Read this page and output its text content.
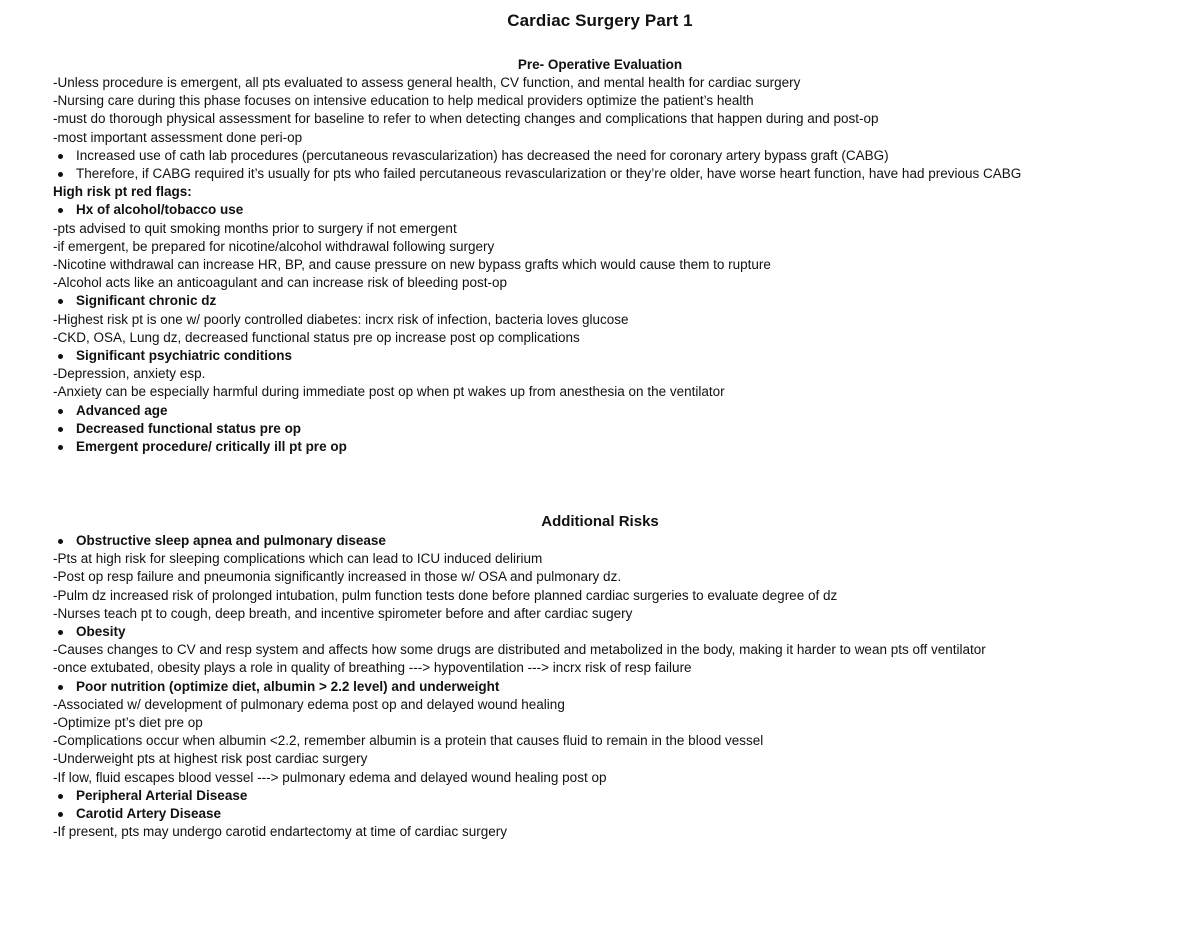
Cardiac Surgery Part 1
Pre- Operative Evaluation
-Unless procedure is emergent, all pts evaluated to assess general health, CV function, and mental health for cardiac surgery
-Nursing care during this phase focuses on intensive education to help medical providers optimize the patient’s health
-must do thorough physical assessment for baseline to refer to when detecting changes and complications that happen during and post-op
-most important assessment done peri-op
Increased use of cath lab procedures (percutaneous revascularization) has decreased the need for coronary artery bypass graft (CABG)
Therefore, if CABG required it’s usually for pts who failed percutaneous revascularization or they’re older, have worse heart function, have had previous CABG
High risk pt red flags:
Hx of alcohol/tobacco use
-pts advised to quit smoking months prior to surgery if not emergent
-if emergent, be prepared for nicotine/alcohol withdrawal following surgery
-Nicotine withdrawal can increase HR, BP, and cause pressure on new bypass grafts which would cause them to rupture
-Alcohol acts like an anticoagulant and can increase risk of bleeding post-op
Significant chronic dz
-Highest risk pt is one w/ poorly controlled diabetes: incrx risk of infection, bacteria loves glucose
-CKD, OSA, Lung dz, decreased functional status pre op increase post op complications
Significant psychiatric conditions
-Depression, anxiety esp.
-Anxiety can be especially harmful during immediate post op when pt wakes up from anesthesia on the ventilator
Advanced age
Decreased functional status pre op
Emergent procedure/ critically ill pt pre op
Additional Risks
Obstructive sleep apnea and pulmonary disease
-Pts at high risk for sleeping complications which can lead to ICU induced delirium
-Post op resp failure and pneumonia significantly increased in those w/ OSA and pulmonary dz.
-Pulm dz increased risk of prolonged intubation, pulm function tests done before planned cardiac surgeries to evaluate degree of dz
-Nurses teach pt to cough, deep breath, and incentive spirometer before and after cardiac sugery
Obesity
-Causes changes to CV and resp system and affects how some drugs are distributed and metabolized in the body, making it harder to wean pts off ventilator
-once extubated, obesity plays a role in quality of breathing ---> hypoventilation ---> incrx risk of resp failure
Poor nutrition (optimize diet, albumin > 2.2 level) and underweight
-Associated w/ development of pulmonary edema post op and delayed wound healing
-Optimize pt’s diet pre op
-Complications occur when albumin <2.2, remember albumin is a protein that causes fluid to remain in the blood vessel
-Underweight pts at highest risk post cardiac surgery
-If low, fluid escapes blood vessel ---> pulmonary edema and delayed wound healing post op
Peripheral Arterial Disease
Carotid Artery Disease
-If present, pts may undergo carotid endartectomy at time of cardiac surgery
